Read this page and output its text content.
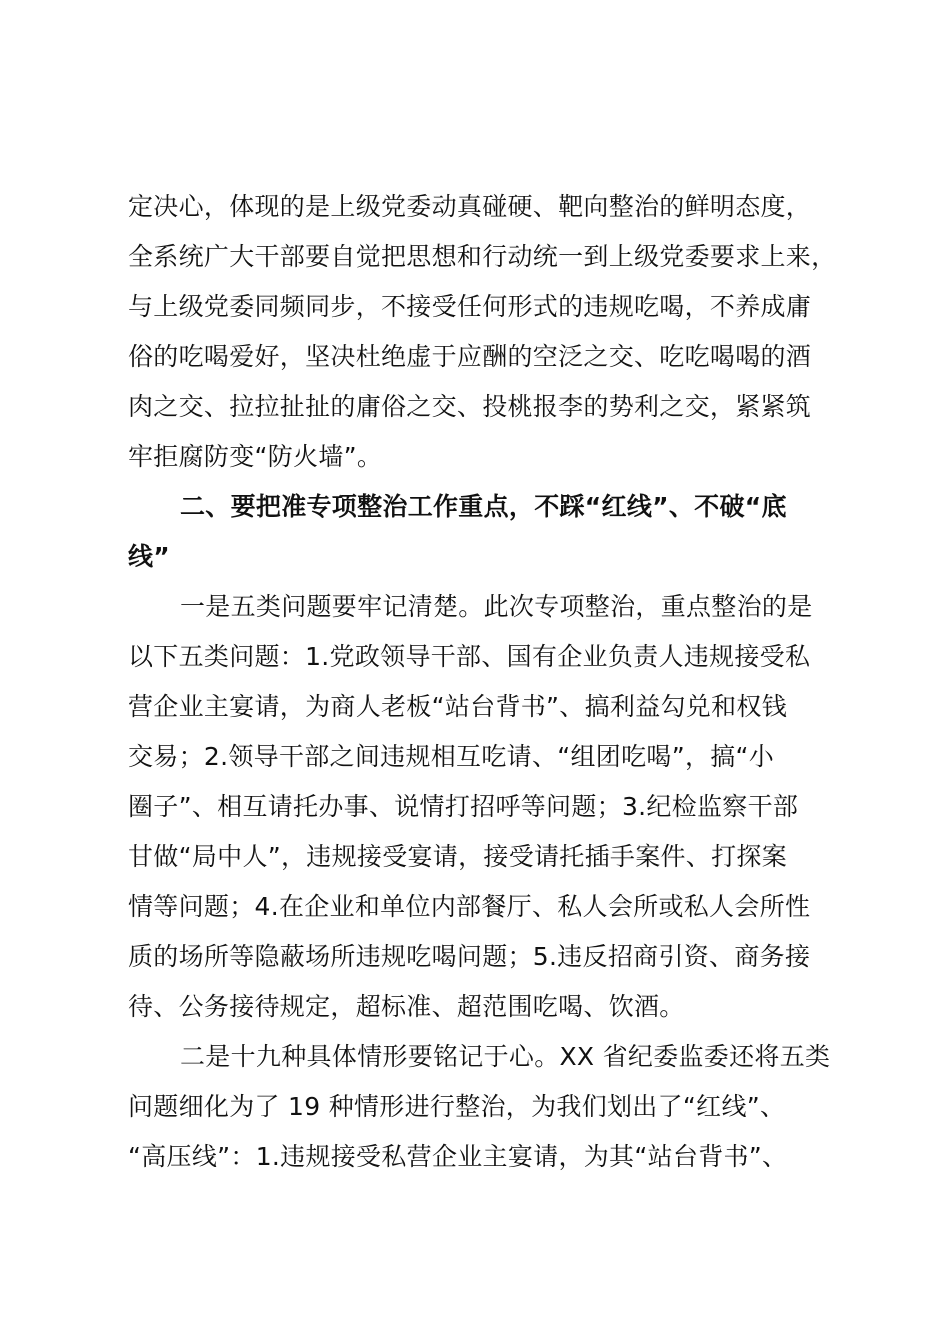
定决心，体现的是上级党委动真碰硬、靶向整治的鲜明态度，
全系统广大干部要自觉把思想和行动统一到上级党委要求上来，
与上级党委同频同步，不接受任何形式的违规吃喝，不养成庸
俗的吃喝爱好，坚决杜绝虚于应酬的空泛之交、吃吃喝喝的酒
肉之交、拉拉扯扯的庸俗之交、投桃报李的势利之交，紧紧筑
牢拒腐防变“防火墙”。
二、要把准专项整治工作重点，不踩“红线”、不破“底
线”
一是五类问题要牢记清楚。此次专项整治，重点整治的是
以下五类问题：1.党政领导干部、国有企业负责人违规接受私
营企业主宴请，为商人老板“站台背书”、搞利益勾兑和权钱
交易；2.领导干部之间违规相互吃请、“组团吃喝”，搞“小
圈子”、相互请托办事、说情打招呼等问题；3.纪检监察干部
甘做“局中人”，违规接受宴请，接受请托插手案件、打探案
情等问题；4.在企业和单位内部餐厅、私人会所或私人会所性
质的场所等隐蔽场所违规吃喝问题；5.违反招商引资、商务接
待、公务接待规定，超标准、超范围吃喝、饮酒。
二是十九种具体情形要铭记于心。XX 省纪委监委还将五类
问题细化为了 19 种情形进行整治，为我们划出了“红线”、
“高压线”：1.违规接受私营企业主宴请，为其“站台背书”、
